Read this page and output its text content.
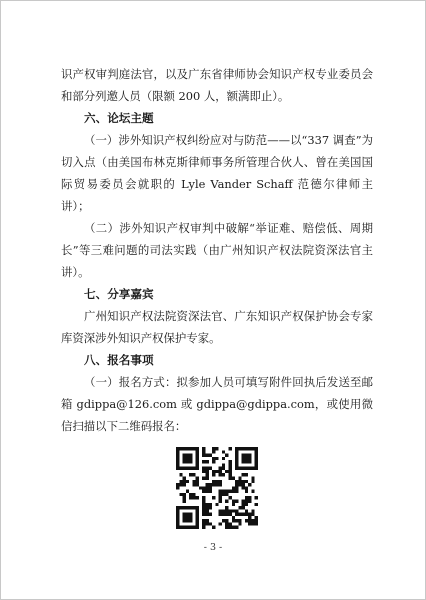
识产权审判庭法官，以及广东省律师协会知识产权专业委员会和部分列邀人员（限额 200 人，额满即止）。

六、论坛主题

（一）涉外知识产权纠纷应对与防范——以“337 调查”为切入点（由美国布林克斯律师事务所管理合伙人、曾在美国国际贸易委员会就职的 Lyle Vander Schaff 范德尔律师主讲）；

（二）涉外知识产权审判中破解“举证难、赔偿低、周期长”等三难问题的司法实践（由广州知识产权法院资深法官主讲）。

七、分享嘉宾

广州知识产权法院资深法官、广东知识产权保护协会专家库资深涉外知识产权保护专家。

八、报名事项

（一）报名方式：拟参加人员可填写附件回执后发送至邮箱 gdippa@126.com 或 gdippa@gdippa.com，或使用微信扫描以下二维码报名：

- 3 -
